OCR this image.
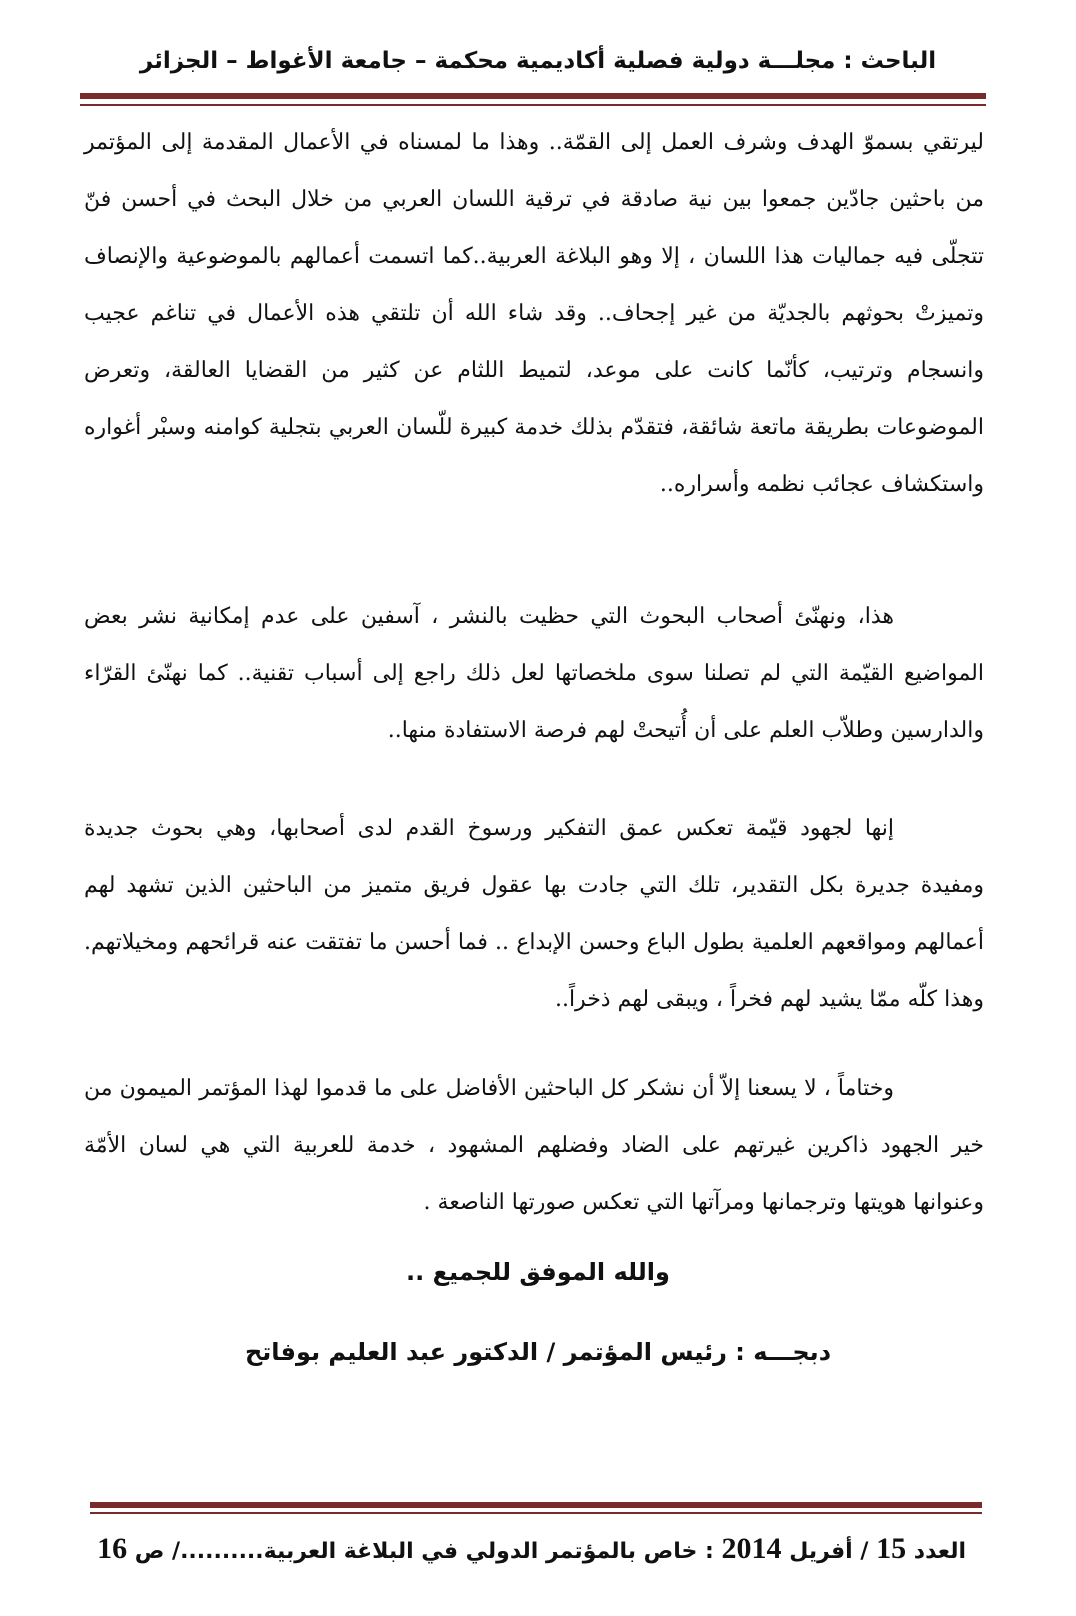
الباحث : مجلـــة دولية فصلية أكاديمية محكمة – جامعة الأغواط – الجزائر

ليرتقي بسموّ الهدف وشرف العمل إلى القمّة.. وهذا ما لمسناه في الأعمال المقدمة إلى المؤتمر من باحثين جادّين جمعوا بين نية صادقة في ترقية اللسان العربي من خلال البحث في أحسن فنّ تتجلّى فيه جماليات هذا اللسان ، إلا وهو البلاغة العربية..كما اتسمت أعمالهم بالموضوعية والإنصاف وتميزتْ بحوثهم بالجديّة من غير إجحاف.. وقد شاء الله أن تلتقي هذه الأعمال في تناغم عجيب وانسجام وترتيب، كأنّما كانت على موعد، لتميط اللثام عن كثير من القضايا العالقة، وتعرض الموضوعات بطريقة ماتعة شائقة، فتقدّم بذلك خدمة كبيرة للّسان العربي بتجلية كوامنه وسبْر أغواره واستكشاف عجائب نظمه وأسراره..

هذا، ونهنّئ أصحاب البحوث التي حظيت بالنشر ، آسفين على عدم إمكانية نشر بعض المواضيع القيّمة التي لم تصلنا سوى ملخصاتها لعل ذلك راجع إلى أسباب تقنية.. كما نهنّئ القرّاء والدارسين وطلاّب العلم على أن أُتيحتْ لهم فرصة الاستفادة منها..

إنها لجهود قيّمة تعكس عمق التفكير ورسوخ القدم لدى أصحابها، وهي بحوث جديدة ومفيدة جديرة بكل التقدير، تلك التي جادت بها عقول فريق متميز من الباحثين الذين تشهد لهم أعمالهم ومواقعهم العلمية بطول الباع وحسن الإبداع .. فما أحسن ما تفتقت عنه قرائحهم ومخيلاتهم. وهذا كلّه ممّا يشيد لهم فخراً ، ويبقى لهم ذخراً..

وختاماً ، لا يسعنا إلاّ أن نشكر كل الباحثين الأفاضل على ما قدموا لهذا المؤتمر الميمون من خير الجهود ذاكرين غيرتهم على الضاد وفضلهم المشهود ، خدمة للعربية التي هي لسان الأمّة وعنوانها هويتها وترجمانها ومرآتها التي تعكس صورتها الناصعة .

والله الموفق للجميع ..
دبجـــه : رئيس المؤتمر / الدكتور عبد العليم بوفاتح
العدد 15 / أفريل 2014 : خاص بالمؤتمر الدولي في البلاغة العربية........../ ص 16
